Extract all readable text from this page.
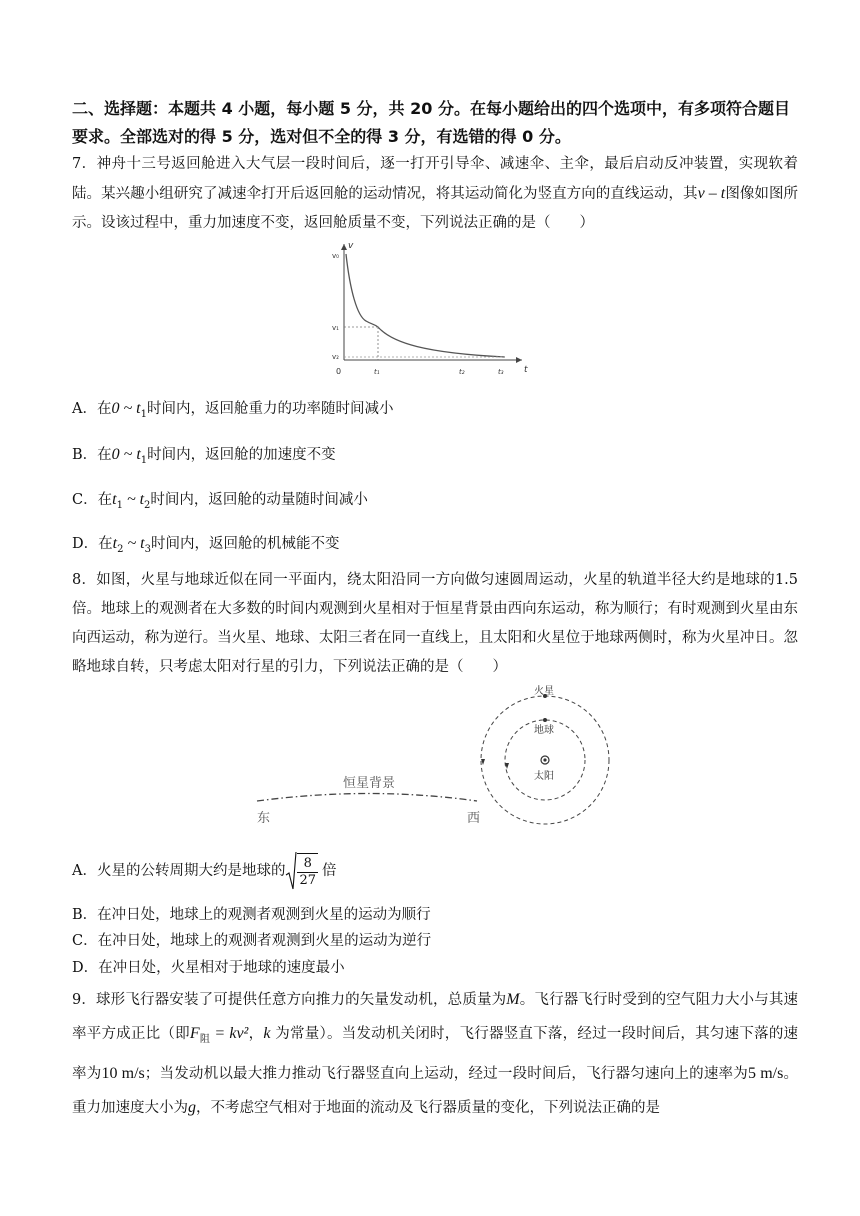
二、选择题：本题共 4 小题，每小题 5 分，共 20 分。在每小题给出的四个选项中，有多项符合题目要求。全部选对的得 5 分，选对但不全的得 3 分，有选错的得 0 分。
7．神舟十三号返回舱进入大气层一段时间后，逐一打开引导伞、减速伞、主伞，最后启动反冲装置，实现软着陆。某兴趣小组研究了减速伞打开后返回舱的运动情况，将其运动简化为竖直方向的直线运动，其v – t图像如图所示。设该过程中，重力加速度不变，返回舱质量不变，下列说法正确的是（　　）
v
t
0
v₀
v₁
v₂
t₁	t₂	t₃
A．在0 ~ $t_1$时间内，返回舱重力的功率随时间减小
B．在0 ~ $t_1$时间内，返回舱的加速度不变
C．在$t_1$ ~ $t_2$时间内，返回舱的动量随时间减小
D．在$t_2$ ~ $t_3$时间内，返回舱的机械能不变
8．如图，火星与地球近似在同一平面内，绕太阳沿同一方向做匀速圆周运动，火星的轨道半径大约是地球的1.5 倍。地球上的观测者在大多数的时间内观测到火星相对于恒星背景由西向东运动，称为顺行；有时观测到火星由东向西运动，称为逆行。当火星、地球、太阳三者在同一直线上，且太阳和火星位于地球两侧时，称为火星冲日。忽略地球自转，只考虑太阳对行星的引力，下列说法正确的是（　　）
恒星背景
东	西
火星
地球
太阳
A．火星的公转周期大约是地球的 $\frac{8}{27}$ 倍
B．在冲日处，地球上的观测者观测到火星的运动为顺行
C．在冲日处，地球上的观测者观测到火星的运动为逆行
D．在冲日处，火星相对于地球的速度最小
9．球形飞行器安装了可提供任意方向推力的矢量发动机，总质量为M。飞行器飞行时受到的空气阻力大小与其速率平方成正比（即$F_阻 = kv^2$，k 为常量）。当发动机关闭时，飞行器竖直下落，经过一段时间后，其匀速下落的速率为10 m/s；当发动机以最大推力推动飞行器竖直向上运动，经过一段时间后，飞行器匀速向上的速率为5 m/s。重力加速度大小为g，不考虑空气相对于地面的流动及飞行器质量的变化，下列说法正确的是
